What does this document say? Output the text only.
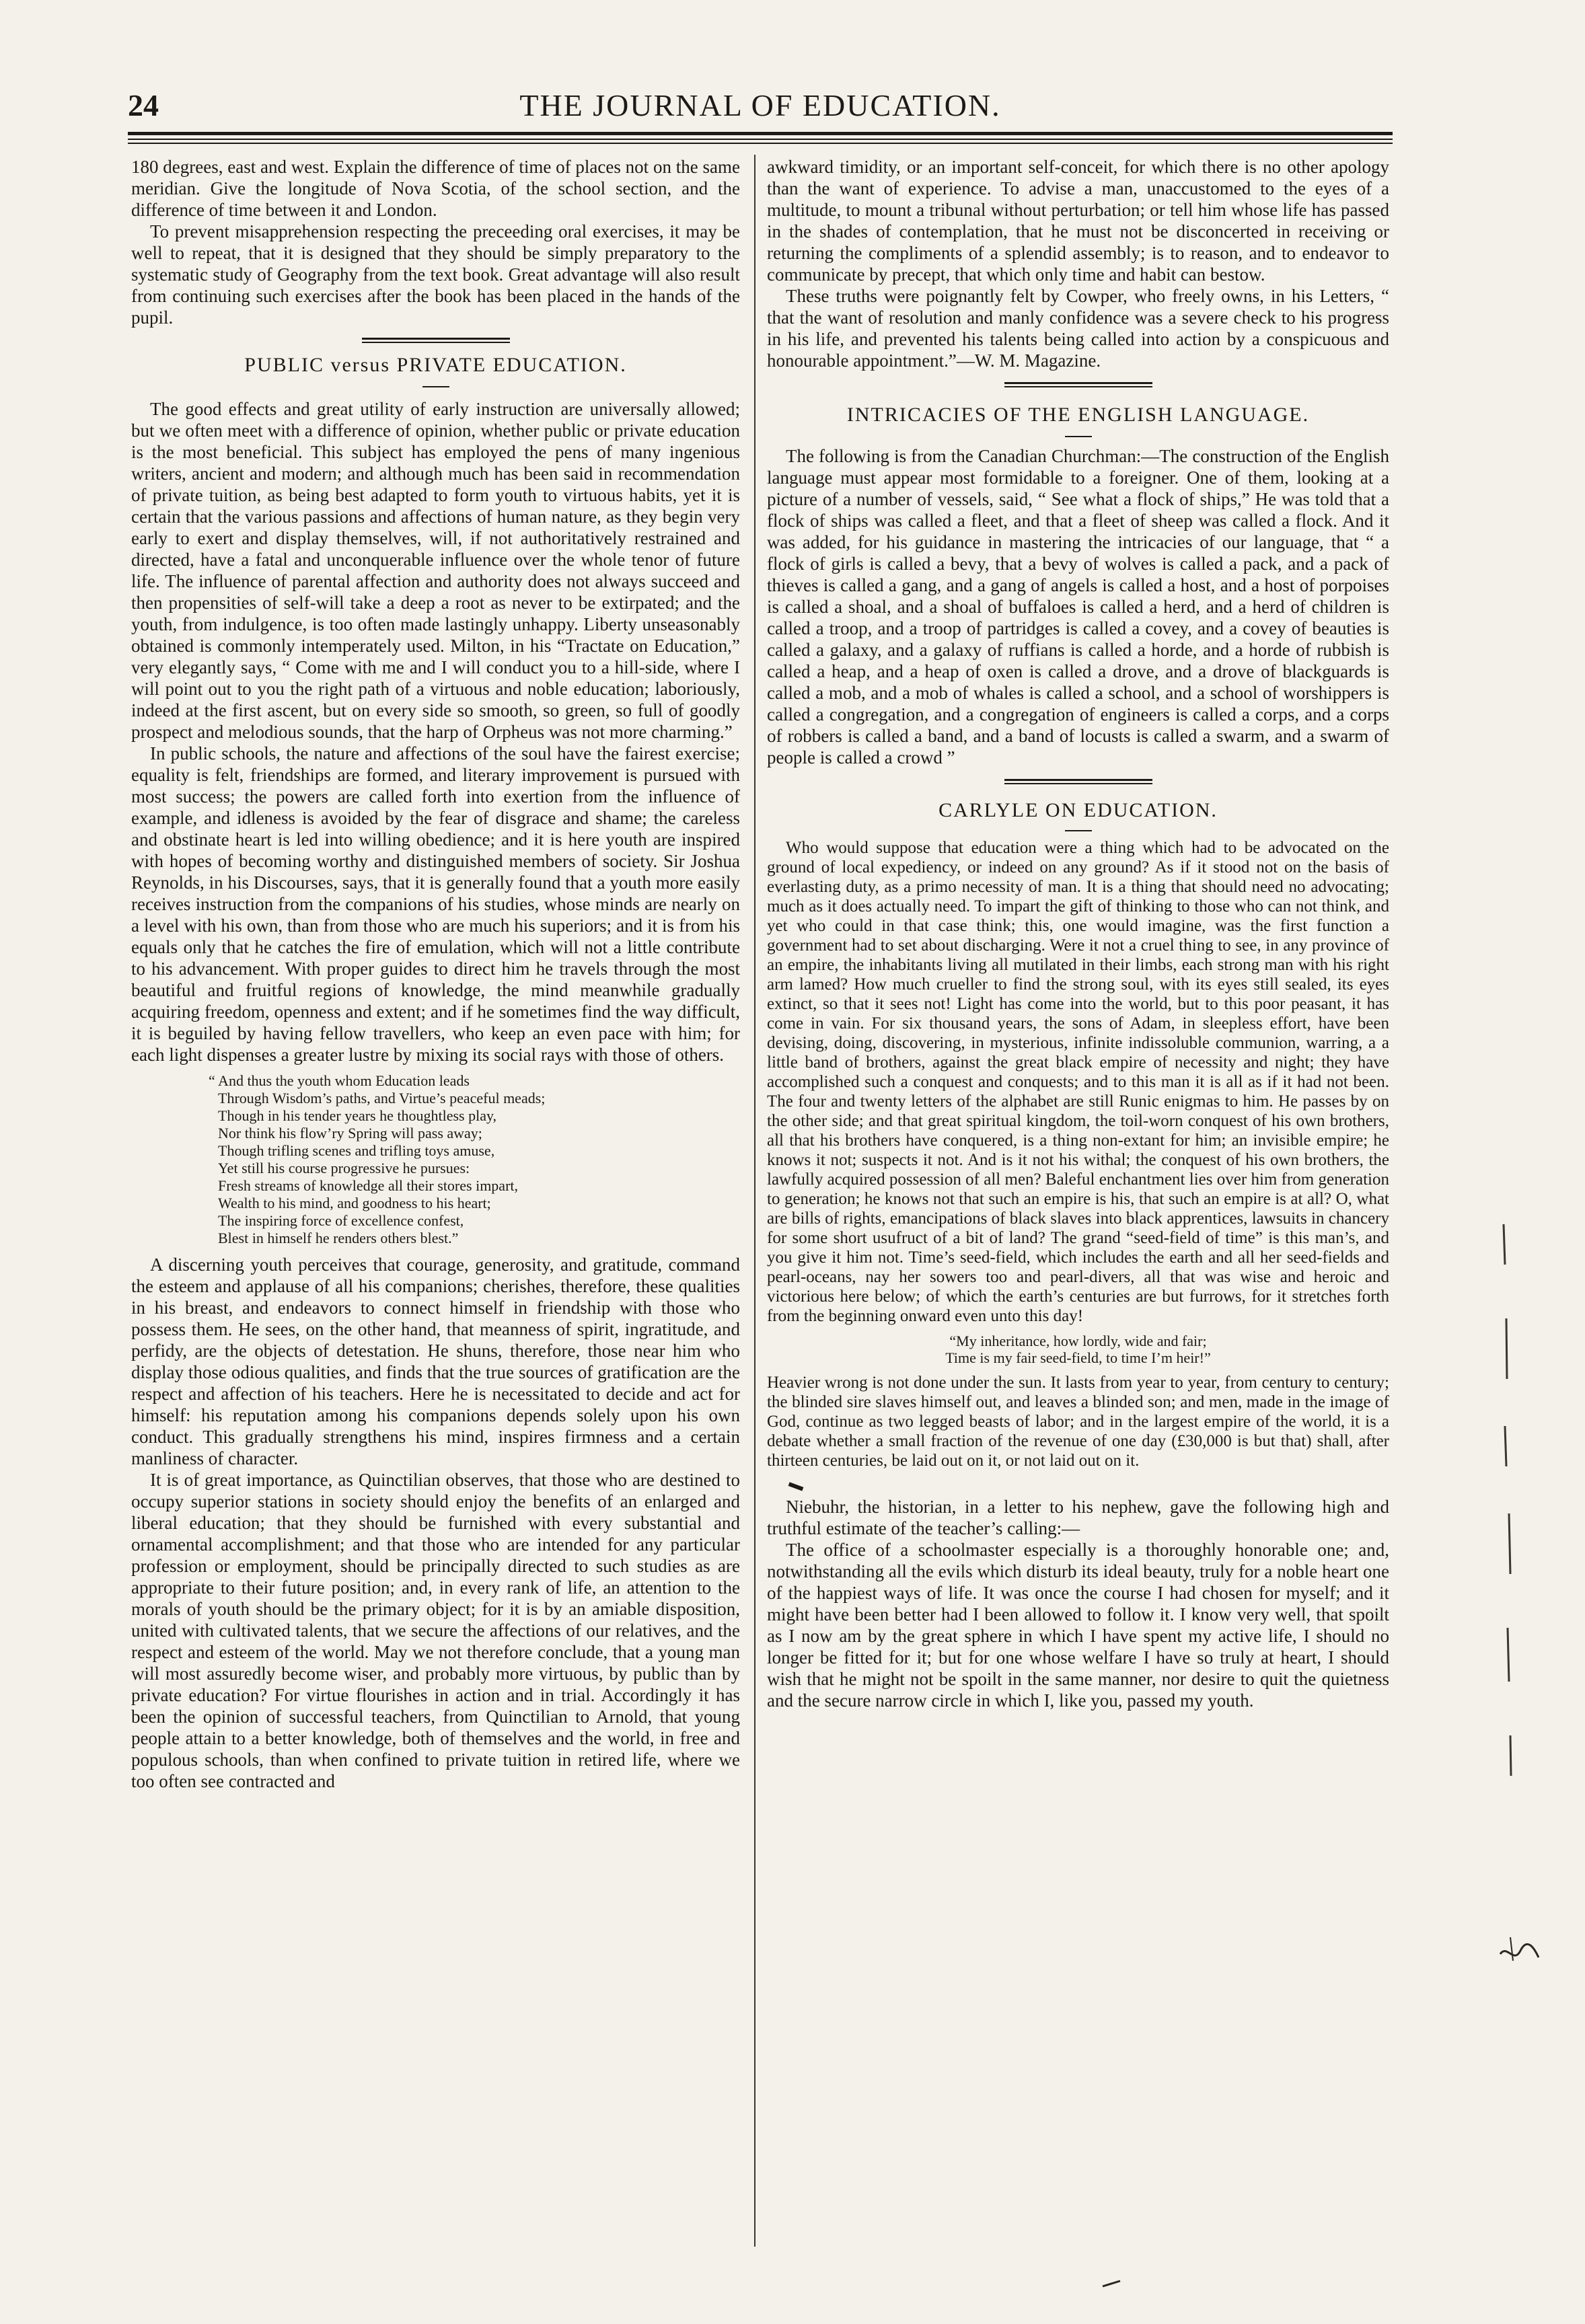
24	THE JOURNAL OF EDUCATION.

180 degrees, east and west. Explain the difference of time of places not on the same meridian. Give the longitude of Nova Scotia, of the school section, and the difference of time between it and London.

To prevent misapprehension respecting the preceeding oral exercises, it may be well to repeat, that it is designed that they should be simply preparatory to the systematic study of Geography from the text book. Great advantage will also result from continuing such exercises after the book has been placed in the hands of the pupil.

PUBLIC versus PRIVATE EDUCATION.

The good effects and great utility of early instruction are universally allowed; but we often meet with a difference of opinion, whether public or private education is the most beneficial. This subject has employed the pens of many ingenious writers, ancient and modern; and although much has been said in recommendation of private tuition, as being best adapted to form youth to virtuous habits, yet it is certain that the various passions and affections of human nature, as they begin very early to exert and display themselves, will, if not authoritatively restrained and directed, have a fatal and unconquerable influence over the whole tenor of future life. The influence of parental affection and authority does not always succeed and then propensities of self-will take a deep a root as never to be extirpated; and the youth, from indulgence, is too often made lastingly unhappy. Liberty unseasonably obtained is commonly intemperately used. Milton, in his “Tractate on Education,” very elegantly says, “ Come with me and I will conduct you to a hill-side, where I will point out to you the right path of a virtuous and noble education; laboriously, indeed at the first ascent, but on every side so smooth, so green, so full of goodly prospect and melodious sounds, that the harp of Orpheus was not more charming.”

In public schools, the nature and affections of the soul have the fairest exercise; equality is felt, friendships are formed, and literary improvement is pursued with most success; the powers are called forth into exertion from the influence of example, and idleness is avoided by the fear of disgrace and shame; the careless and obstinate heart is led into willing obedience; and it is here youth are inspired with hopes of becoming worthy and distinguished members of society. Sir Joshua Reynolds, in his Discourses, says, that it is generally found that a youth more easily receives instruction from the companions of his studies, whose minds are nearly on a level with his own, than from those who are much his superiors; and it is from his equals only that he catches the fire of emulation, which will not a little contribute to his advancement. With proper guides to direct him he travels through the most beautiful and fruitful regions of knowledge, the mind meanwhile gradually acquiring freedom, openness and extent; and if he sometimes find the way difficult, it is beguiled by having fellow travellers, who keep an even pace with him; for each light dispenses a greater lustre by mixing its social rays with those of others.

“ And thus the youth whom Education leads
Through Wisdom’s paths, and Virtue’s peaceful meads;
Though in his tender years he thoughtless play,
Nor think his flow’ry Spring will pass away;
Though trifling scenes and trifling toys amuse,
Yet still his course progressive he pursues:
Fresh streams of knowledge all their stores impart,
Wealth to his mind, and goodness to his heart;
The inspiring force of excellence confest,
Blest in himself he renders others blest.”

A discerning youth perceives that courage, generosity, and gratitude, command the esteem and applause of all his companions; cherishes, therefore, these qualities in his breast, and endeavors to connect himself in friendship with those who possess them. He sees, on the other hand, that meanness of spirit, ingratitude, and perfidy, are the objects of detestation. He shuns, therefore, those near him who display those odious qualities, and finds that the true sources of gratification are the respect and affection of his teachers. Here he is necessitated to decide and act for himself: his reputation among his companions depends solely upon his own conduct. This gradually strengthens his mind, inspires firmness and a certain manliness of character.

It is of great importance, as Quinctilian observes, that those who are destined to occupy superior stations in society should enjoy the benefits of an enlarged and liberal education; that they should be furnished with every substantial and ornamental accomplishment; and that those who are intended for any particular profession or employment, should be principally directed to such studies as are appropriate to their future position; and, in every rank of life, an attention to the morals of youth should be the primary object; for it is by an amiable disposition, united with cultivated talents, that we secure the affections of our relatives, and the respect and esteem of the world. May we not therefore conclude, that a young man will most assuredly become wiser, and probably more virtuous, by public than by private education? For virtue flourishes in action and in trial. Accordingly it has been the opinion of successful teachers, from Quinctilian to Arnold, that young people attain to a better knowledge, both of themselves and the world, in free and populous schools, than when confined to private tuition in retired life, where we too often see contracted and

awkward timidity, or an important self-conceit, for which there is no other apology than the want of experience. To advise a man, unaccustomed to the eyes of a multitude, to mount a tribunal without perturbation; or tell him whose life has passed in the shades of contemplation, that he must not be disconcerted in receiving or returning the compliments of a splendid assembly; is to reason, and to endeavor to communicate by precept, that which only time and habit can bestow.

These truths were poignantly felt by Cowper, who freely owns, in his Letters, “ that the want of resolution and manly confidence was a severe check to his progress in his life, and prevented his talents being called into action by a conspicuous and honourable appointment.”—W. M. Magazine.

INTRICACIES OF THE ENGLISH LANGUAGE.

The following is from the Canadian Churchman:—The construction of the English language must appear most formidable to a foreigner. One of them, looking at a picture of a number of vessels, said, “ See what a flock of ships,” He was told that a flock of ships was called a fleet, and that a fleet of sheep was called a flock. And it was added, for his guidance in mastering the intricacies of our language, that “ a flock of girls is called a bevy, that a bevy of wolves is called a pack, and a pack of thieves is called a gang, and a gang of angels is called a host, and a host of porpoises is called a shoal, and a shoal of buffaloes is called a herd, and a herd of children is called a troop, and a troop of partridges is called a covey, and a covey of beauties is called a galaxy, and a galaxy of ruffians is called a horde, and a horde of rubbish is called a heap, and a heap of oxen is called a drove, and a drove of blackguards is called a mob, and a mob of whales is called a school, and a school of worshippers is called a congregation, and a congregation of engineers is called a corps, and a corps of robbers is called a band, and a band of locusts is called a swarm, and a swarm of people is called a crowd ”

CARLYLE ON EDUCATION.

Who would suppose that education were a thing which had to be advocated on the ground of local expediency, or indeed on any ground? As if it stood not on the basis of everlasting duty, as a primo necessity of man. It is a thing that should need no advocating; much as it does actually need. To impart the gift of thinking to those who can not think, and yet who could in that case think; this, one would imagine, was the first function a government had to set about discharging. Were it not a cruel thing to see, in any province of an empire, the inhabitants living all mutilated in their limbs, each strong man with his right arm lamed? How much crueller to find the strong soul, with its eyes still sealed, its eyes extinct, so that it sees not! Light has come into the world, but to this poor peasant, it has come in vain. For six thousand years, the sons of Adam, in sleepless effort, have been devising, doing, discovering, in mysterious, infinite indissoluble communion, warring, a a little band of brothers, against the great black empire of necessity and night; they have accomplished such a conquest and conquests; and to this man it is all as if it had not been. The four and twenty letters of the alphabet are still Runic enigmas to him. He passes by on the other side; and that great spiritual kingdom, the toil-worn conquest of his own brothers, all that his brothers have conquered, is a thing non-extant for him; an invisible empire; he knows it not; suspects it not. And is it not his withal; the conquest of his own brothers, the lawfully acquired possession of all men? Baleful enchantment lies over him from generation to generation; he knows not that such an empire is his, that such an empire is at all? O, what are bills of rights, emancipations of black slaves into black apprentices, lawsuits in chancery for some short usufruct of a bit of land? The grand “seed-field of time” is this man’s, and you give it him not. Time’s seed-field, which includes the earth and all her seed-fields and pearl-oceans, nay her sowers too and pearl-divers, all that was wise and heroic and victorious here below; of which the earth’s centuries are but furrows, for it stretches forth from the beginning onward even unto this day!

“My inheritance, how lordly, wide and fair;
Time is my fair seed-field, to time I’m heir!”

Heavier wrong is not done under the sun. It lasts from year to year, from century to century; the blinded sire slaves himself out, and leaves a blinded son; and men, made in the image of God, continue as two legged beasts of labor; and in the largest empire of the world, it is a debate whether a small fraction of the revenue of one day (£30,000 is but that) shall, after thirteen centuries, be laid out on it, or not laid out on it.

Niebuhr, the historian, in a letter to his nephew, gave the following high and truthful estimate of the teacher’s calling:—

The office of a schoolmaster especially is a thoroughly honorable one; and, notwithstanding all the evils which disturb its ideal beauty, truly for a noble heart one of the happiest ways of life. It was once the course I had chosen for myself; and it might have been better had I been allowed to follow it. I know very well, that spoilt as I now am by the great sphere in which I have spent my active life, I should no longer be fitted for it; but for one whose welfare I have so truly at heart, I should wish that he might not be spoilt in the same manner, nor desire to quit the quietness and the secure narrow circle in which I, like you, passed my youth.
